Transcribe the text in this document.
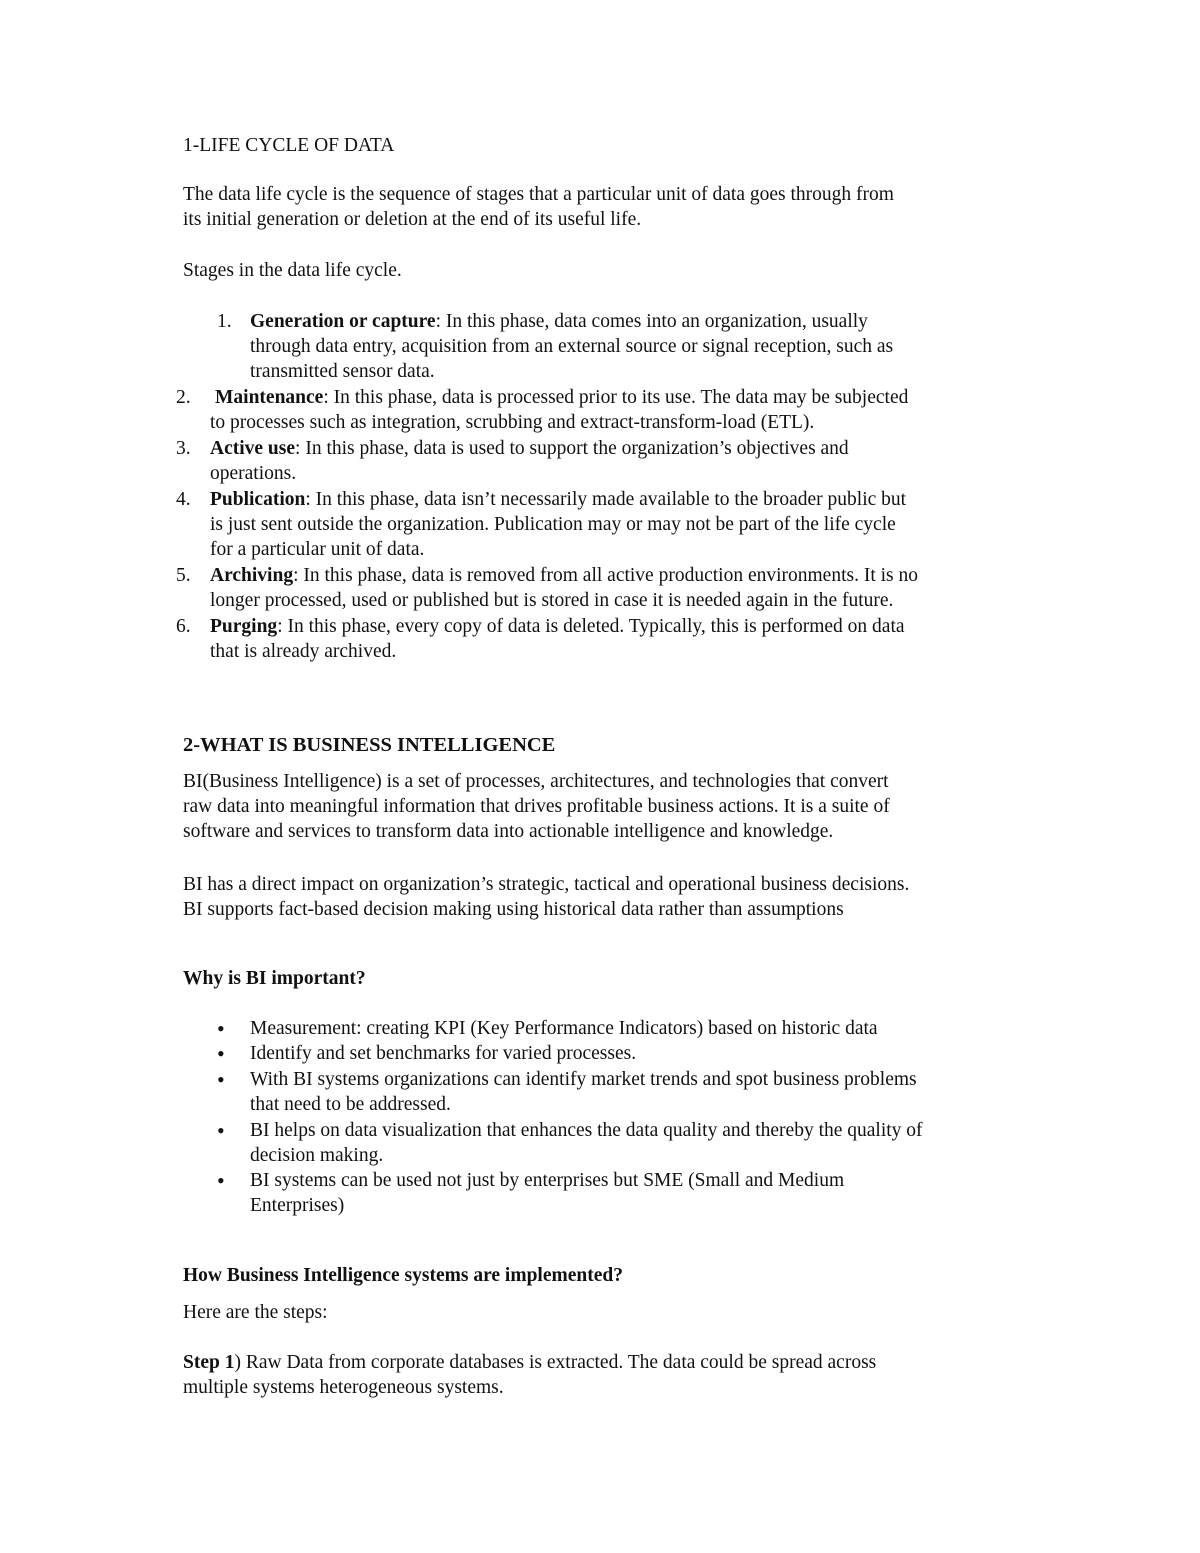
1-LIFE CYCLE OF DATA
The data life cycle is the sequence of stages that a particular unit of data goes through from
its initial generation or deletion at the end of its useful life.
Stages in the data life cycle.
1. Generation or capture: In this phase, data comes into an organization, usually
through data entry, acquisition from an external source or signal reception, such as
transmitted sensor data.
2. Maintenance: In this phase, data is processed prior to its use. The data may be subjected
to processes such as integration, scrubbing and extract-transform-load (ETL).
3. Active use: In this phase, data is used to support the organization’s objectives and
operations.
4. Publication: In this phase, data isn’t necessarily made available to the broader public but
is just sent outside the organization. Publication may or may not be part of the life cycle
for a particular unit of data.
5. Archiving: In this phase, data is removed from all active production environments. It is no
longer processed, used or published but is stored in case it is needed again in the future.
6. Purging: In this phase, every copy of data is deleted. Typically, this is performed on data
that is already archived.
2-WHAT IS BUSINESS INTELLIGENCE
BI(Business Intelligence) is a set of processes, architectures, and technologies that convert
raw data into meaningful information that drives profitable business actions. It is a suite of
software and services to transform data into actionable intelligence and knowledge.
BI has a direct impact on organization’s strategic, tactical and operational business decisions.
BI supports fact-based decision making using historical data rather than assumptions
Why is BI important?
• Measurement: creating KPI (Key Performance Indicators) based on historic data
• Identify and set benchmarks for varied processes.
• With BI systems organizations can identify market trends and spot business problems
that need to be addressed.
• BI helps on data visualization that enhances the data quality and thereby the quality of
decision making.
• BI systems can be used not just by enterprises but SME (Small and Medium
Enterprises)
How Business Intelligence systems are implemented?
Here are the steps:
Step 1) Raw Data from corporate databases is extracted. The data could be spread across
multiple systems heterogeneous systems.
